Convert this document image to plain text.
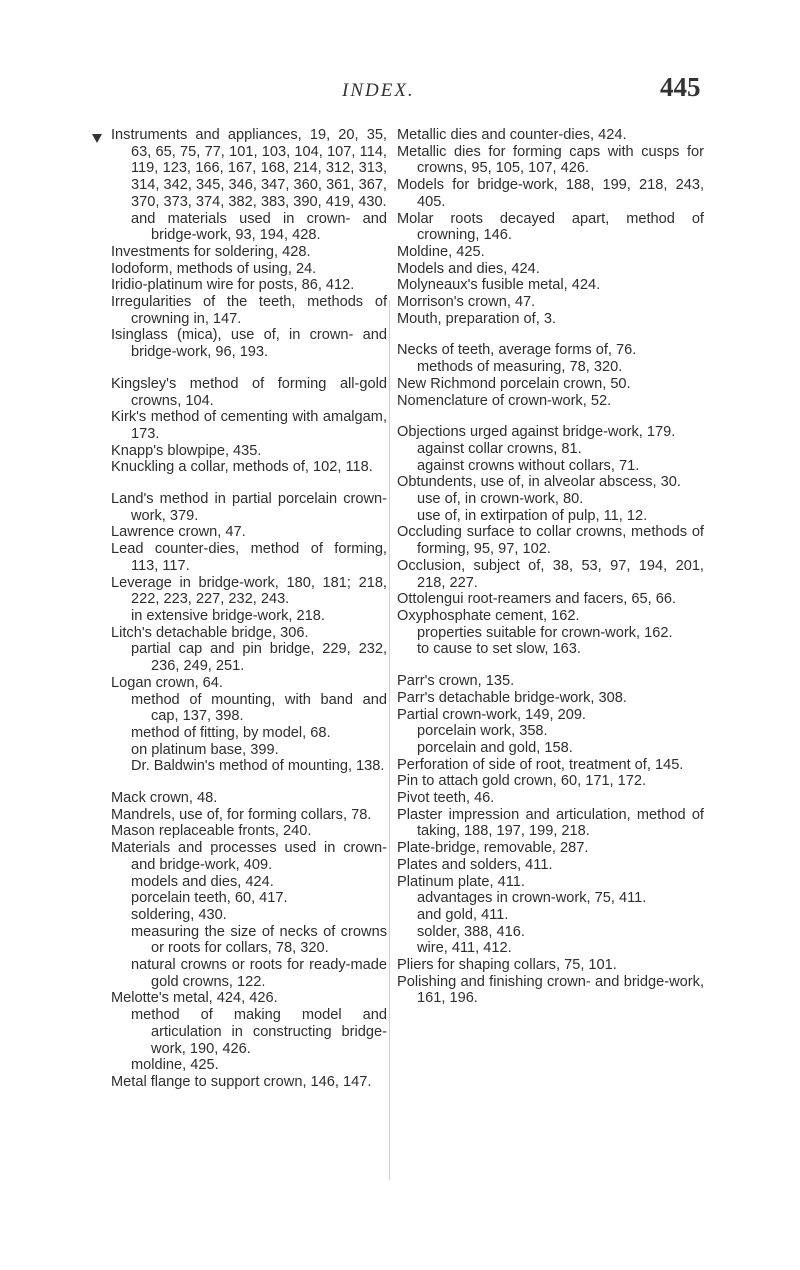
INDEX.	445

Instruments and appliances, 19, 20, 35, 63, 65, 75, 77, 101, 103, 104, 107, 114, 119, 123, 166, 167, 168, 214, 312, 313, 314, 342, 345, 346, 347, 360, 361, 367, 370, 373, 374, 382, 383, 390, 419, 430.

and materials used in crown- and bridge-work, 93, 194, 428.

Investments for soldering, 428.

Iodoform, methods of using, 24.

Iridio-platinum wire for posts, 86, 412.

Irregularities of the teeth, methods of crowning in, 147.

Isinglass (mica), use of, in crown- and bridge-work, 96, 193.

Kingsley's method of forming all-gold crowns, 104.

Kirk's method of cementing with amalgam, 173.

Knapp's blowpipe, 435.

Knuckling a collar, methods of, 102, 118.

Land's method in partial porcelain crown-work, 379.

Lawrence crown, 47.

Lead counter-dies, method of forming, 113, 117.

Leverage in bridge-work, 180, 181; 218, 222, 223, 227, 232, 243.

in extensive bridge-work, 218.

Litch's detachable bridge, 306.

partial cap and pin bridge, 229, 232, 236, 249, 251.

Logan crown, 64.

method of mounting, with band and cap, 137, 398.

method of fitting, by model, 68.

on platinum base, 399.

Dr. Baldwin's method of mounting, 138.

Mack crown, 48.

Mandrels, use of, for forming collars, 78.

Mason replaceable fronts, 240.

Materials and processes used in crown- and bridge-work, 409.

models and dies, 424.

porcelain teeth, 60, 417.

soldering, 430.

measuring the size of necks of crowns or roots for collars, 78, 320.

natural crowns or roots for ready-made gold crowns, 122.

Melotte's metal, 424, 426.

method of making model and articulation in constructing bridge-work, 190, 426.

moldine, 425.

Metal flange to support crown, 146, 147.

Metallic dies and counter-dies, 424.

Metallic dies for forming caps with cusps for crowns, 95, 105, 107, 426.

Models for bridge-work, 188, 199, 218, 243, 405.

Molar roots decayed apart, method of crowning, 146.

Moldine, 425.

Models and dies, 424.

Molyneaux's fusible metal, 424.

Morrison's crown, 47.

Mouth, preparation of, 3.

Necks of teeth, average forms of, 76.

methods of measuring, 78, 320.

New Richmond porcelain crown, 50.

Nomenclature of crown-work, 52.

Objections urged against bridge-work, 179.

against collar crowns, 81.

against crowns without collars, 71.

Obtundents, use of, in alveolar abscess, 30.

use of, in crown-work, 80.

use of, in extirpation of pulp, 11, 12.

Occluding surface to collar crowns, methods of forming, 95, 97, 102.

Occlusion, subject of, 38, 53, 97, 194, 201, 218, 227.

Ottolengui root-reamers and facers, 65, 66.

Oxyphosphate cement, 162.

properties suitable for crown-work, 162.

to cause to set slow, 163.

Parr's crown, 135.

Parr's detachable bridge-work, 308.

Partial crown-work, 149, 209.

porcelain work, 358.

porcelain and gold, 158.

Perforation of side of root, treatment of, 145.

Pin to attach gold crown, 60, 171, 172.

Pivot teeth, 46.

Plaster impression and articulation, method of taking, 188, 197, 199, 218.

Plate-bridge, removable, 287.

Plates and solders, 411.

Platinum plate, 411.

advantages in crown-work, 75, 411.

and gold, 411.

solder, 388, 416.

wire, 411, 412.

Pliers for shaping collars, 75, 101.

Polishing and finishing crown- and bridge-work, 161, 196.
